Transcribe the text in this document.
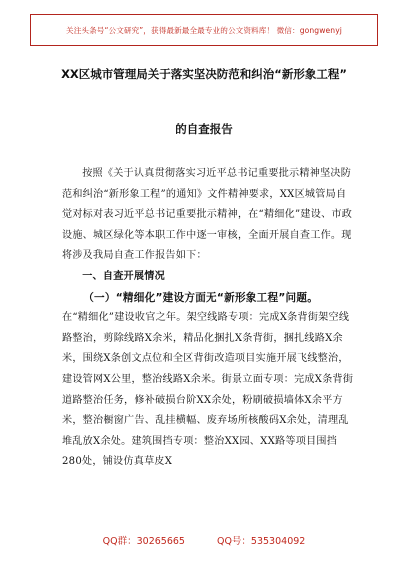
关注头条号“公文研究”，获得最新最全最专业的公文资料库！ 微信：gongwenyj
XX区城市管理局关于落实坚决防范和纠治“新形象工程”
的自查报告

按照《关于认真贯彻落实习近平总书记重要批示精神坚决防范和纠治“新形象工程”的通知》文件精神要求，XX区城管局自觉对标对表习近平总书记重要批示精神，在“精细化”建设、市政设施、城区绿化等本职工作中逐一审核，全面开展自查工作。现将涉及我局自查工作报告如下：

一、自查开展情况

（一）“精细化”建设方面无“新形象工程”问题。

在“精细化”建设收官之年。架空线路专项：完成X条背街架空线路整治，剪除线路X余米，精品化捆扎X条背街，捆扎线路X余米，围绕X条创文点位和全区背街改造项目实施开展飞线整治，建设管网X公里，整治线路X余米。街景立面专项：完成X条背街道路整治任务，修补破损台阶XX余处，粉刷破损墙体X余平方米，整治橱窗广告、乱挂横幅、废弃场所核酸码X余处，清理乱堆乱放X余处。建筑围挡专项：整治XX园、XX路等项目围挡280处，铺设仿真草皮X

QQ群：30265665	QQ号：535304092
